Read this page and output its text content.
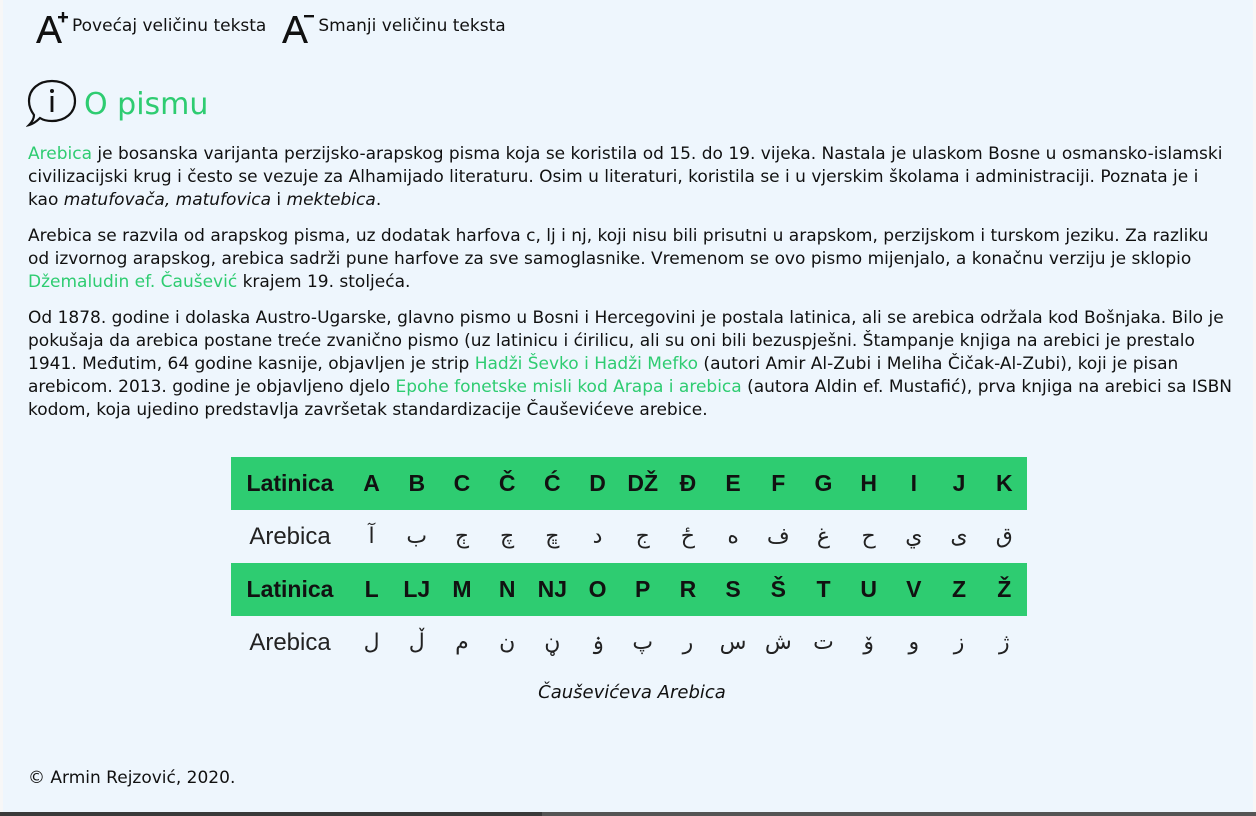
Povećaj veličinu teksta	Smanji veličinu teksta
O pismu

Arebica je bosanska varijanta perzijsko-arapskog pisma koja se koristila od 15. do 19. vijeka. Nastala je ulaskom Bosne u osmansko-islamski civilizacijski krug i često se vezuje za Alhamijado literaturu. Osim u literaturi, koristila se i u vjerskim školama i administraciji. Poznata je i kao matufovača, matufovica i mektebica.

Arebica se razvila od arapskog pisma, uz dodatak harfova c, lj i nj, koji nisu bili prisutni u arapskom, perzijskom i turskom jeziku. Za razliku od izvornog arapskog, arebica sadrži pune harfove za sve samoglasnike. Vremenom se ovo pismo mijenjalo, a konačnu verziju je sklopio Džemaludin ef. Čaušević krajem 19. stoljeća.

Od 1878. godine i dolaska Austro-Ugarske, glavno pismo u Bosni i Hercegovini je postala latinica, ali se arebica održala kod Bošnjaka. Bilo je pokušaja da arebica postane treće zvanično pismo (uz latinicu i ćirilicu, ali su oni bili bezuspješni. Štampanje knjiga na arebici je prestalo 1941. Međutim, 64 godine kasnije, objavljen je strip Hadži Ševko i Hadži Mefko (autori Amir Al-Zubi i Meliha Čičak-Al-Zubi), koji je pisan arebicom. 2013. godine je objavljeno djelo Epohe fonetske misli kod Arapa i arebica (autora Aldin ef. Mustafić), prva knjiga na arebici sa ISBN kodom, koja ujedino predstavlja završetak standardizacije Čauševićeve arebice.

Latinica	A	B	C	Č	Ć	D	DŽ	Đ	E	F	G	H	I	J	K
Arebica	آ	ب	ڄ	چ	ڇ	د	ج	ځ	ه	ف	غ	ح	ي	ی	ق
Latinica	L	LJ	M	N	NJ	O	P	R	S	Š	T	U	V	Z	Ž
Arebica	ل	ڵ	م	ن	ڼ	ۏ	پ	ر	س	ش	ت	ۆ	و	ز	ژ
Čauševićeva Arebica
© Armin Rejzović, 2020.
